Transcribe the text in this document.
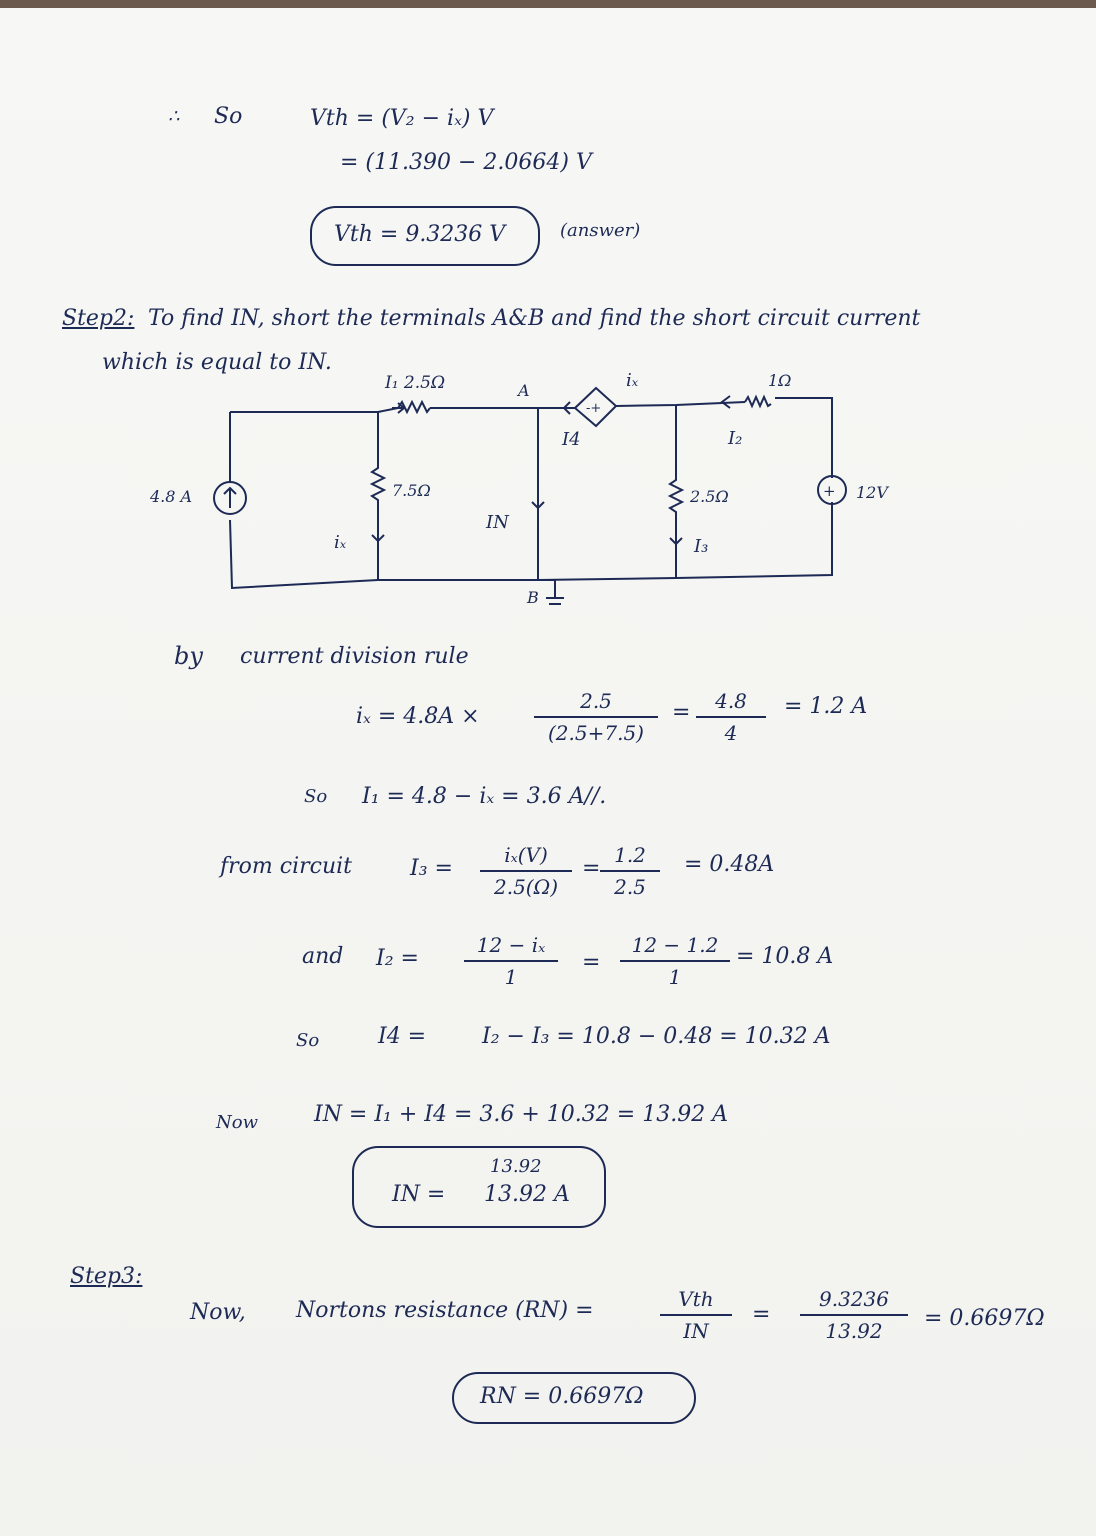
∴ So	Vth = (V₂ − iₓ) V
= (11.390 − 2.0664) V
Vth = 9.3236 V	(answer)
Step2: To find IN, short the terminals A&B and find the short circuit current
which is equal to IN.
4.8 A
I₁ 2.5Ω
7.5Ω
iₓ
A
B
IN
I4
iₓ
-+
1Ω
I₂
2.5Ω
I₃
+ 12V
by current division rule
iₓ = 4.8A ×
2.5
(2.5+7.5)
=	4.8
4
= 1.2 A
So I₁ = 4.8 − iₓ = 3.6 A//.
from circuit	I₃ =
iₓ(V)
2.5(Ω)
=
1.2
2.5
= 0.48A
and I₂ =
12 − iₓ
1
=
12 − 1.2
1
= 10.8 A
So	I4 =	I₂ − I₃ = 10.8 − 0.48 = 10.32 A
Now	IN = I₁ + I4 = 3.6 + 10.32 = 13.92 A
IN =
13.92
13.92 A
Step3:
Now, Nortons resistance (RN) =	Vth
IN
=
9.3236
13.92	= 0.6697Ω
RN = 0.6697Ω
